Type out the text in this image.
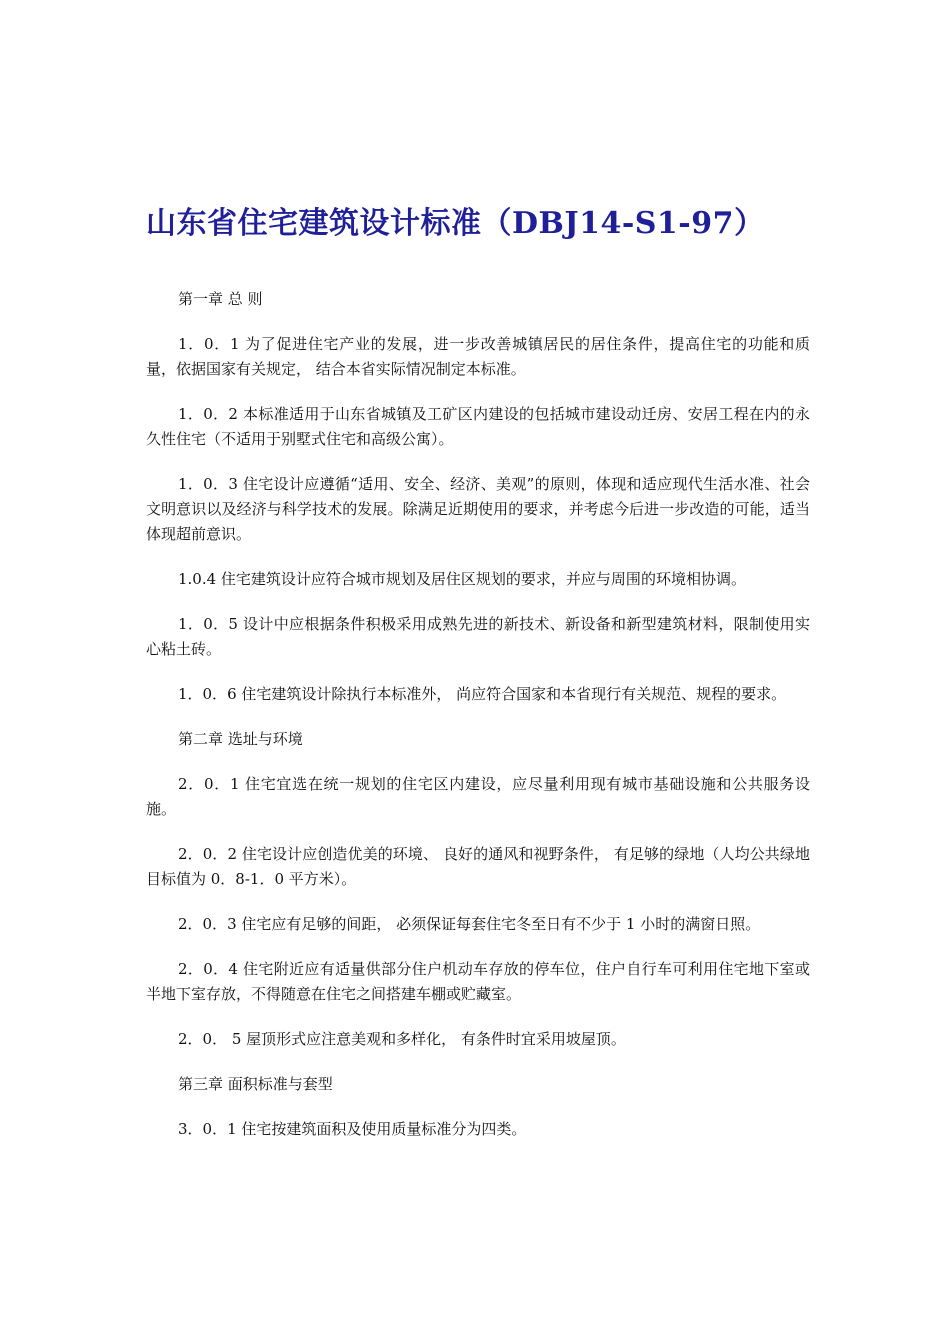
山东省住宅建筑设计标准（DBJ14-S1-97）

第一章 总 则

1．0．1 为了促进住宅产业的发展，进一步改善城镇居民的居住条件，提高住宅的功能和质量，依据国家有关规定， 结合本省实际情况制定本标准。

1．0．2 本标准适用于山东省城镇及工矿区内建设的包括城市建设动迁房、安居工程在内的永久性住宅（不适用于别墅式住宅和高级公寓）。

1．0．3 住宅设计应遵循“适用、安全、经济、美观”的原则，体现和适应现代生活水准、社会文明意识以及经济与科学技术的发展。除满足近期使用的要求，并考虑今后进一步改造的可能，适当体现超前意识。

1.0.4 住宅建筑设计应符合城市规划及居住区规划的要求，并应与周围的环境相协调。

1．0．5 设计中应根据条件积极采用成熟先进的新技术、新设备和新型建筑材料，限制使用实心粘土砖。

1．0．6 住宅建筑设计除执行本标准外， 尚应符合国家和本省现行有关规范、规程的要求。

第二章 选址与环境

2．0．1 住宅宜选在统一规划的住宅区内建设，应尽量利用现有城市基础设施和公共服务设施。

2．0．2 住宅设计应创造优美的环境、 良好的通风和视野条件， 有足够的绿地（人均公共绿地目标值为 0．8-1．0 平方米）。

2．0．3 住宅应有足够的间距， 必须保证每套住宅冬至日有不少于 1 小时的满窗日照。

2．0．4 住宅附近应有适量供部分住户机动车存放的停车位，住户自行车可利用住宅地下室或半地下室存放，不得随意在住宅之间搭建车棚或贮藏室。

2．0． 5 屋顶形式应注意美观和多样化， 有条件时宜采用坡屋顶。

第三章 面积标准与套型

3．0．1 住宅按建筑面积及使用质量标准分为四类。
